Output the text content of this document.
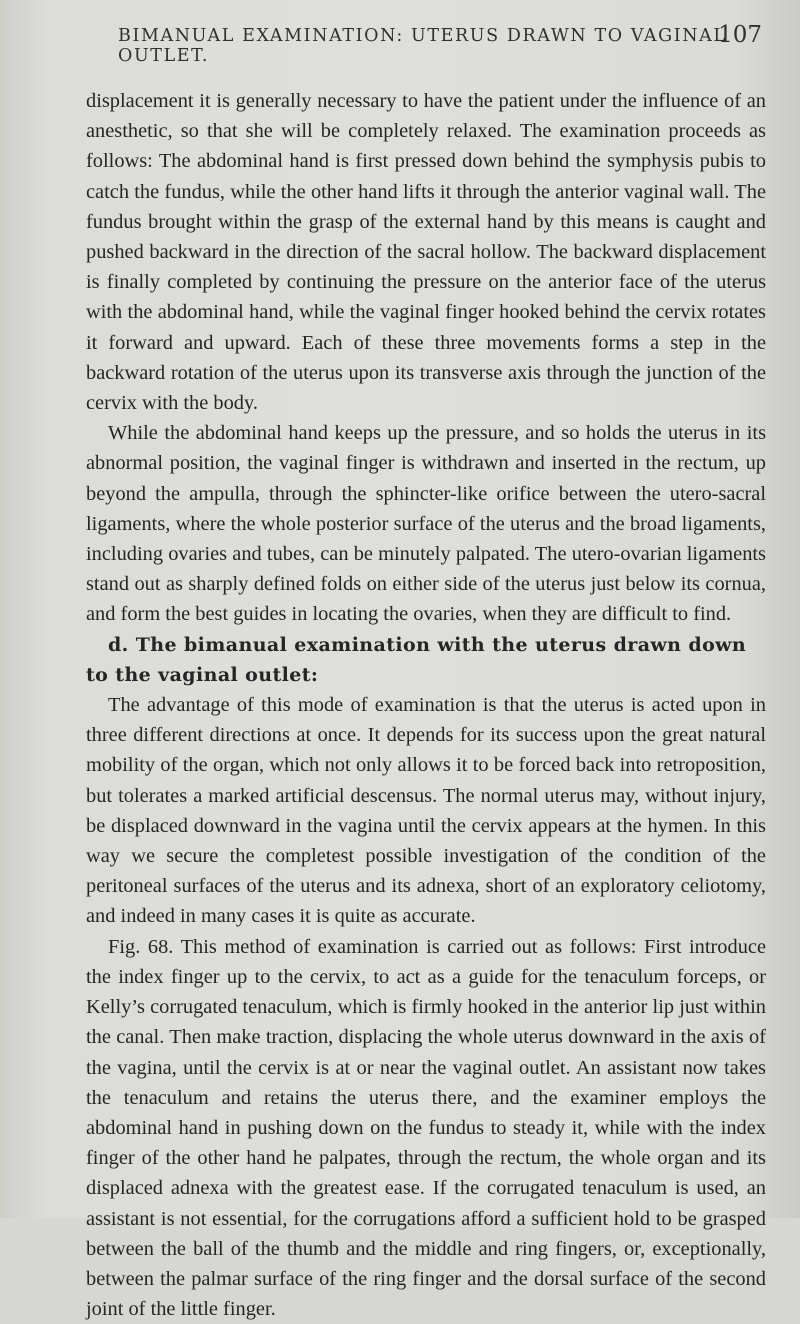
BIMANUAL EXAMINATION: UTERUS DRAWN TO VAGINAL OUTLET.
107

displacement it is generally necessary to have the patient under the influence of an anesthetic, so that she will be completely relaxed. The examination proceeds as follows: The abdominal hand is first pressed down behind the symphysis pubis to catch the fundus, while the other hand lifts it through the anterior vaginal wall. The fundus brought within the grasp of the external hand by this means is caught and pushed backward in the direction of the sacral hollow. The backward displacement is finally completed by continuing the pressure on the anterior face of the uterus with the abdominal hand, while the vaginal finger hooked behind the cervix rotates it forward and upward. Each of these three movements forms a step in the backward rotation of the uterus upon its transverse axis through the junction of the cervix with the body.

While the abdominal hand keeps up the pressure, and so holds the uterus in its abnormal position, the vaginal finger is withdrawn and inserted in the rectum, up beyond the ampulla, through the sphincter-like orifice between the utero-sacral ligaments, where the whole posterior surface of the uterus and the broad ligaments, including ovaries and tubes, can be minutely palpated. The utero-ovarian ligaments stand out as sharply defined folds on either side of the uterus just below its cornua, and form the best guides in locating the ovaries, when they are difficult to find.

d. The bimanual examination with the uterus drawn down to the vaginal outlet:

The advantage of this mode of examination is that the uterus is acted upon in three different directions at once. It depends for its success upon the great natural mobility of the organ, which not only allows it to be forced back into retroposition, but tolerates a marked artificial descensus. The normal uterus may, without injury, be displaced downward in the vagina until the cervix appears at the hymen. In this way we secure the completest possible investigation of the condition of the peritoneal surfaces of the uterus and its adnexa, short of an exploratory celiotomy, and indeed in many cases it is quite as accurate.

Fig. 68. This method of examination is carried out as follows: First introduce the index finger up to the cervix, to act as a guide for the tenaculum forceps, or Kelly’s corrugated tenaculum, which is firmly hooked in the anterior lip just within the canal. Then make traction, displacing the whole uterus downward in the axis of the vagina, until the cervix is at or near the vaginal outlet. An assistant now takes the tenaculum and retains the uterus there, and the examiner employs the abdominal hand in pushing down on the fundus to steady it, while with the index finger of the other hand he palpates, through the rectum, the whole organ and its displaced adnexa with the greatest ease. If the corrugated tenaculum is used, an assistant is not essential, for the corrugations afford a sufficient hold to be grasped between the ball of the thumb and the middle and ring fingers, or, exceptionally, between the palmar surface of the ring finger and the dorsal surface of the second joint of the little finger.
